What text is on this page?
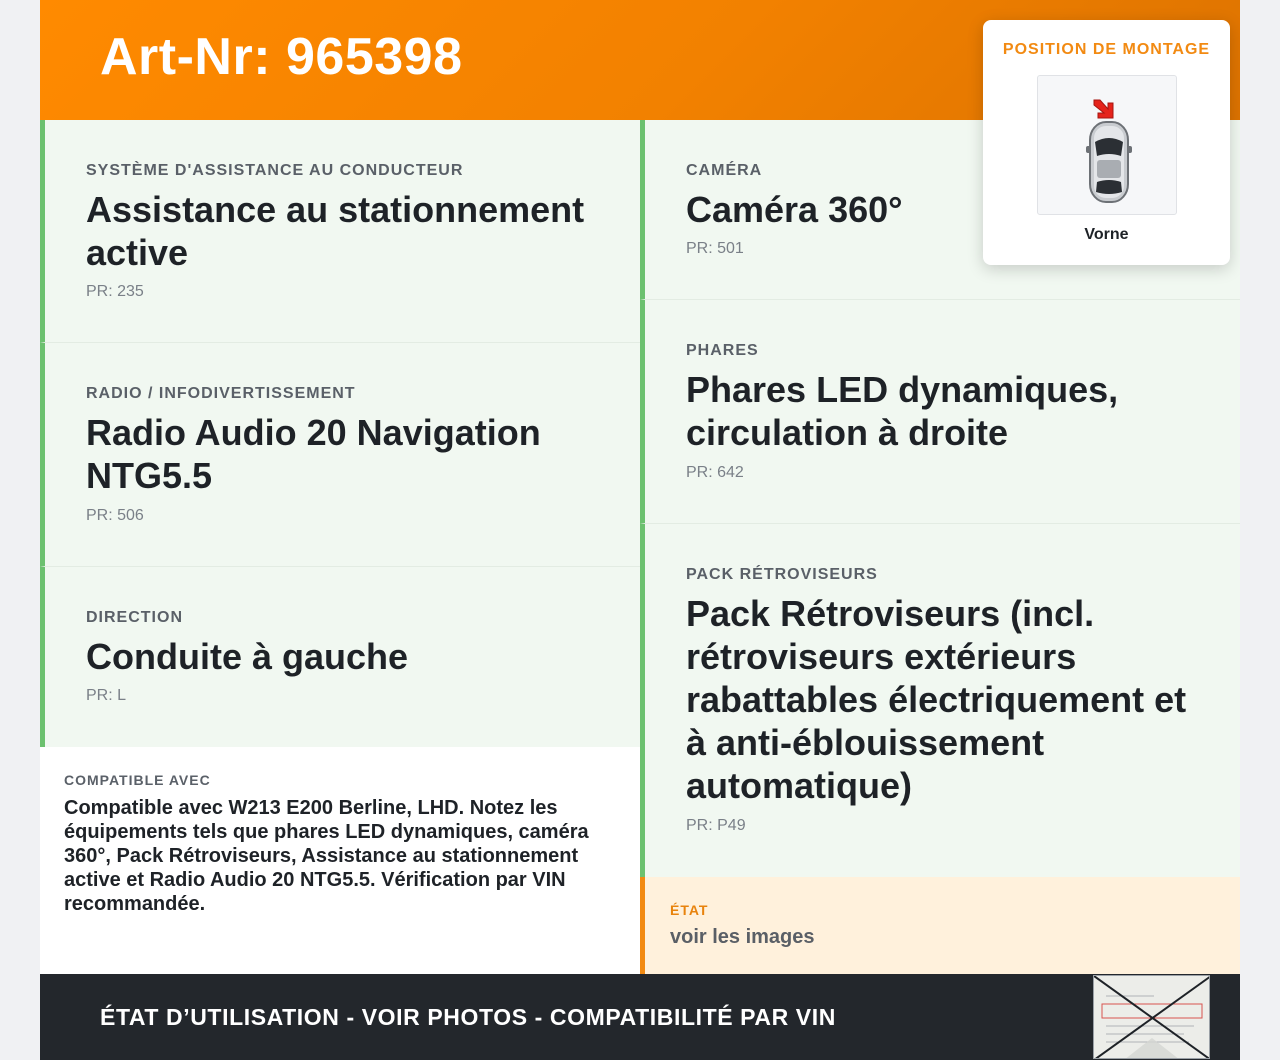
Art-Nr: 965398
SYSTÈME D'ASSISTANCE AU CONDUCTEUR
Assistance au stationnement active
PR: 235
RADIO / INFODIVERTISSEMENT
Radio Audio 20 Navigation NTG5.5
PR: 506
DIRECTION
Conduite à gauche
PR: L
COMPATIBLE AVEC
Compatible avec W213 E200 Berline, LHD. Notez les équipements tels que phares LED dynamiques, caméra 360°, Pack Rétroviseurs, Assistance au stationnement active et Radio Audio 20 NTG5.5. Vérification par VIN recommandée.
CAMÉRA
Caméra 360°
PR: 501
PHARES
Phares LED dynamiques, circulation à droite
PR: 642
PACK RÉTROVISEURS
Pack Rétroviseurs (incl. rétroviseurs extérieurs rabattables électriquement et à anti-éblouissement automatique)
PR: P49
ÉTAT
voir les images
POSITION DE MONTAGE
Vorne
ÉTAT D’UTILISATION - VOIR PHOTOS - COMPATIBILITÉ PAR VIN
